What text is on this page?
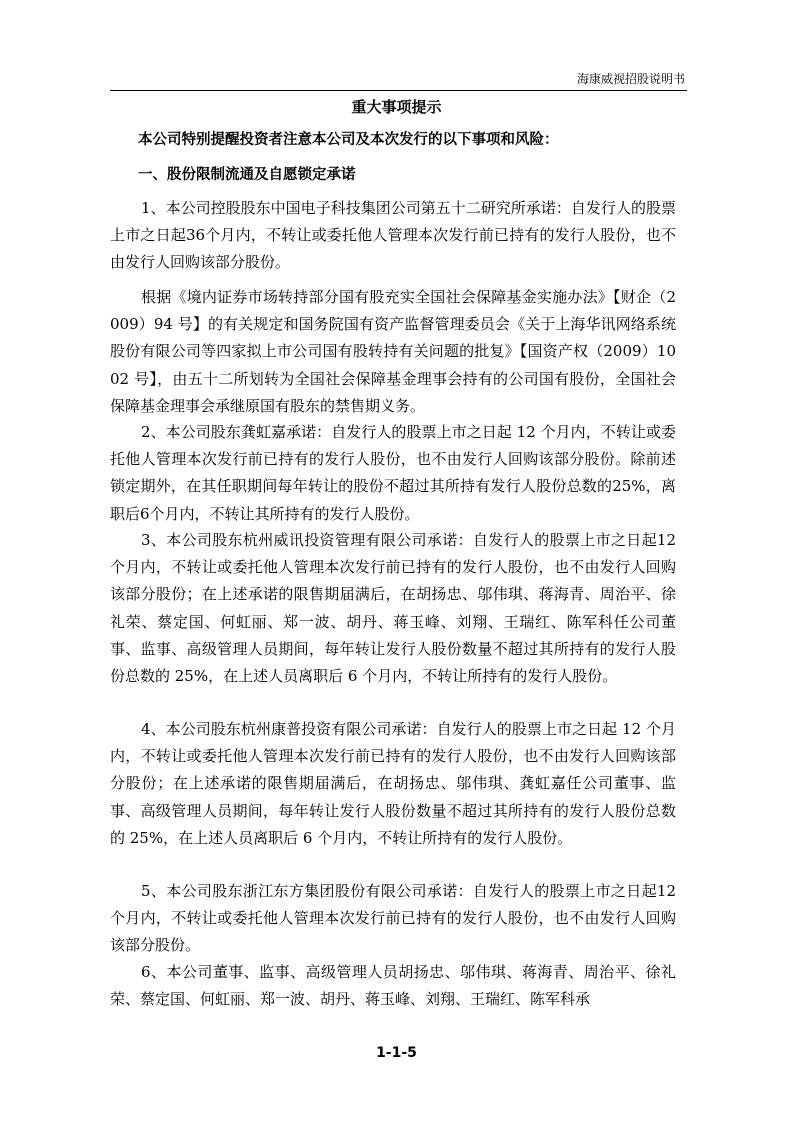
海康威视招股说明书
重大事项提示
本公司特别提醒投资者注意本公司及本次发行的以下事项和风险：
一、股份限制流通及自愿锁定承诺

1、本公司控股股东中国电子科技集团公司第五十二研究所承诺：自发行人的股票上市之日起36个月内，不转让或委托他人管理本次发行前已持有的发行人股份，也不由发行人回购该部分股份。

根据《境内证券市场转持部分国有股充实全国社会保障基金实施办法》【财企（2009）94 号】的有关规定和国务院国有资产监督管理委员会《关于上海华讯网络系统股份有限公司等四家拟上市公司国有股转持有关问题的批复》【国资产权（2009）1002 号】，由五十二所划转为全国社会保障基金理事会持有的公司国有股份，全国社会保障基金理事会承继原国有股东的禁售期义务。

2、本公司股东龚虹嘉承诺：自发行人的股票上市之日起 12 个月内，不转让或委托他人管理本次发行前已持有的发行人股份，也不由发行人回购该部分股份。除前述锁定期外，在其任职期间每年转让的股份不超过其所持有发行人股份总数的25%，离职后6个月内，不转让其所持有的发行人股份。

3、本公司股东杭州威讯投资管理有限公司承诺：自发行人的股票上市之日起12个月内，不转让或委托他人管理本次发行前已持有的发行人股份，也不由发行人回购该部分股份；在上述承诺的限售期届满后，在胡扬忠、邬伟琪、蒋海青、周治平、徐礼荣、蔡定国、何虹丽、郑一波、胡丹、蒋玉峰、刘翔、王瑞红、陈军科任公司董事、监事、高级管理人员期间，每年转让发行人股份数量不超过其所持有的发行人股份总数的 25%，在上述人员离职后 6 个月内，不转让所持有的发行人股份。

4、本公司股东杭州康普投资有限公司承诺：自发行人的股票上市之日起 12 个月内，不转让或委托他人管理本次发行前已持有的发行人股份，也不由发行人回购该部分股份；在上述承诺的限售期届满后，在胡扬忠、邬伟琪、龚虹嘉任公司董事、监事、高级管理人员期间，每年转让发行人股份数量不超过其所持有的发行人股份总数的 25%，在上述人员离职后 6 个月内，不转让所持有的发行人股份。

5、本公司股东浙江东方集团股份有限公司承诺：自发行人的股票上市之日起12个月内，不转让或委托他人管理本次发行前已持有的发行人股份，也不由发行人回购该部分股份。

6、本公司董事、监事、高级管理人员胡扬忠、邬伟琪、蒋海青、周治平、徐礼荣、蔡定国、何虹丽、郑一波、胡丹、蒋玉峰、刘翔、王瑞红、陈军科承

1-1-5
